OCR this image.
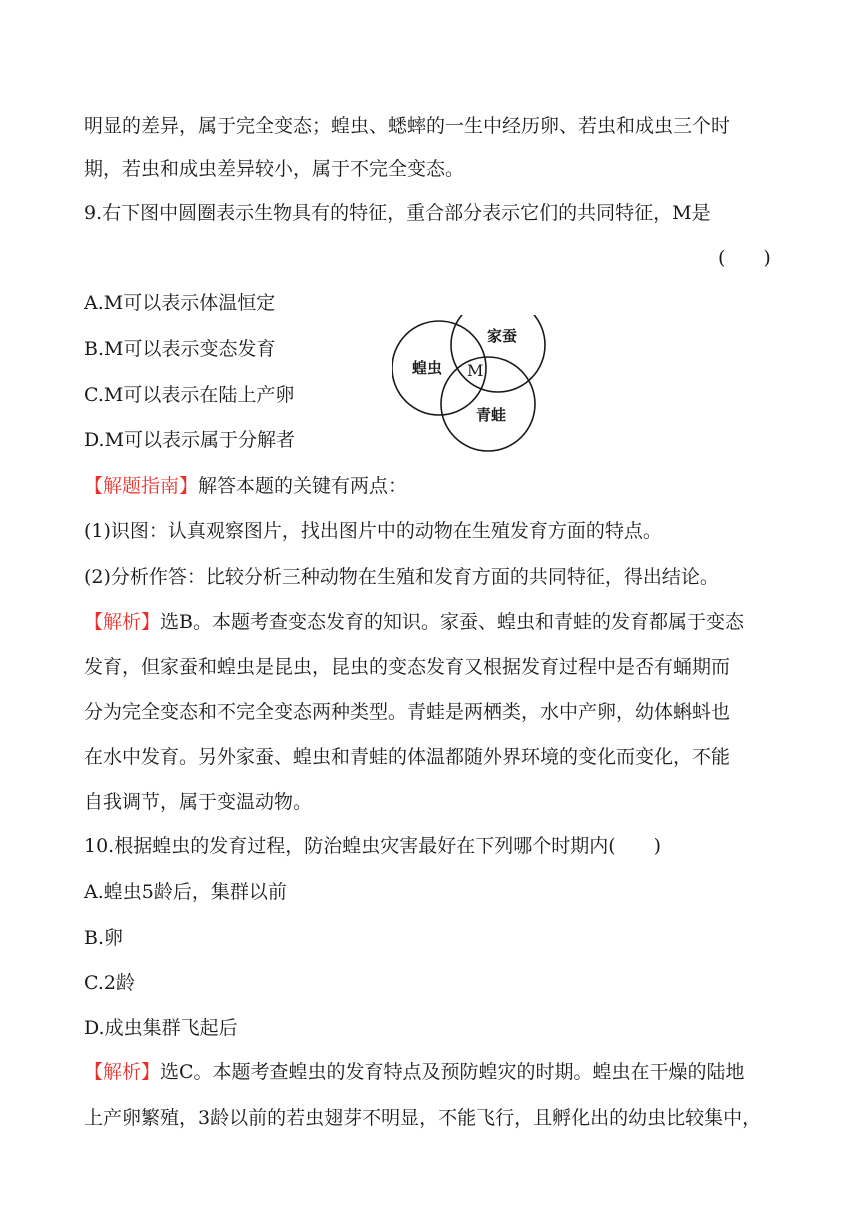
明显的差异，属于完全变态；蝗虫、蟋蟀的一生中经历卵、若虫和成虫三个时
期，若虫和成虫差异较小，属于不完全变态。
9.右下图中圆圈表示生物具有的特征，重合部分表示它们的共同特征，M是
(　　)
A.M可以表示体温恒定
B.M可以表示变态发育
C.M可以表示在陆上产卵
D.M可以表示属于分解者
蝗虫
家蚕
青蛙
M
【解题指南】解答本题的关键有两点：
(1)识图：认真观察图片，找出图片中的动物在生殖发育方面的特点。
(2)分析作答：比较分析三种动物在生殖和发育方面的共同特征，得出结论。
【解析】选B。本题考查变态发育的知识。家蚕、蝗虫和青蛙的发育都属于变态
发育，但家蚕和蝗虫是昆虫，昆虫的变态发育又根据发育过程中是否有蛹期而
分为完全变态和不完全变态两种类型。青蛙是两栖类，水中产卵，幼体蝌蚪也
在水中发育。另外家蚕、蝗虫和青蛙的体温都随外界环境的变化而变化，不能
自我调节，属于变温动物。
10.根据蝗虫的发育过程，防治蝗虫灾害最好在下列哪个时期内(　　)
A.蝗虫5龄后，集群以前
B.卵
C.2龄
D.成虫集群飞起后
【解析】选C。本题考查蝗虫的发育特点及预防蝗灾的时期。蝗虫在干燥的陆地
上产卵繁殖，3龄以前的若虫翅芽不明显，不能飞行，且孵化出的幼虫比较集中，
